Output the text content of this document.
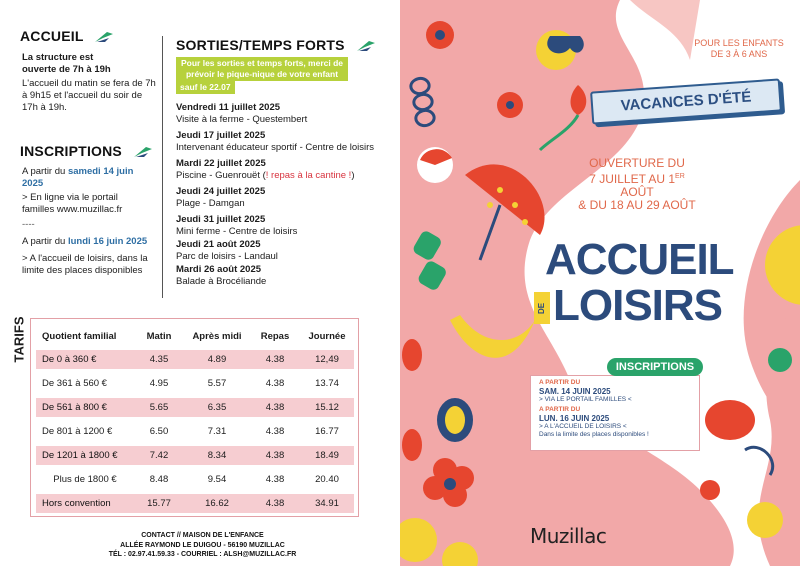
ACCUEIL
La structure est ouverte de 7h à 19h
L'accueil du matin se fera de 7h à 9h15 et l'accueil du soir de 17h à 19h.
INSCRIPTIONS
A partir du samedi 14 juin 2025
> En ligne via le portail familles www.muzillac.fr
----
A partir du lundi 16 juin 2025
> A l'accueil de loisirs, dans la limite des places disponibles
SORTIES/TEMPS FORTS
Pour les sorties et temps forts, merci de prévoir le pique-nique de votre enfant
sauf le 22.07
Vendredi 11 juillet 2025
Visite à la ferme - Questembert
Jeudi 17 juillet 2025
Intervenant éducateur sportif - Centre de loisirs
Mardi 22 juillet 2025
Piscine - Guenrouët (! repas à la cantine !)
Jeudi 24 juillet 2025
Plage - Damgan
Jeudi 31 juillet 2025
Mini ferme - Centre de loisirs
Jeudi 21 août 2025
Parc de loisirs - Landaul
Mardi 26 août 2025
Balade à Brocéliande
TARIFS Quotient familial	Matin	Après midi	Repas	Journée
De 0 à 360 €	4.35	4.89	4.38	12,49
De 361 à 560 €	4.95	5.57	4.38	13.74
De 561 à 800 €	5.65	6.35	4.38	15.12
De 801 à 1200 €	6.50	7.31	4.38	16.77
De 1201 à 1800 €	7.42	8.34	4.38	18.49
Plus de 1800 €	8.48	9.54	4.38	20.40
Hors convention	15.77	16.62	4.38	34.91
CONTACT // MAISON DE L'ENFANCE
ALLÉE RAYMOND LE DUIGOU - 56190 MUZILLAC
TÉL : 02.97.41.59.33 - COURRIEL : ALSH@MUZILLAC.FR
POUR LES ENFANTS DE 3 À 6 ANS
VACANCES D'ÉTÉ
OUVERTURE DU
7 JUILLET AU 1ER AOÛT
& DU 18 AU 29 AOÛT
ACCUEIL
DE LOISIRS
A PARTIR DU
SAM. 14 JUIN 2025
> VIA LE PORTAIL FAMILLES <
A PARTIR DU
LUN. 16 JUIN 2025
> A L'ACCUEIL DE LOISIRS <
Dans la limite des places disponibles !
INSCRIPTIONS
Muzillac
